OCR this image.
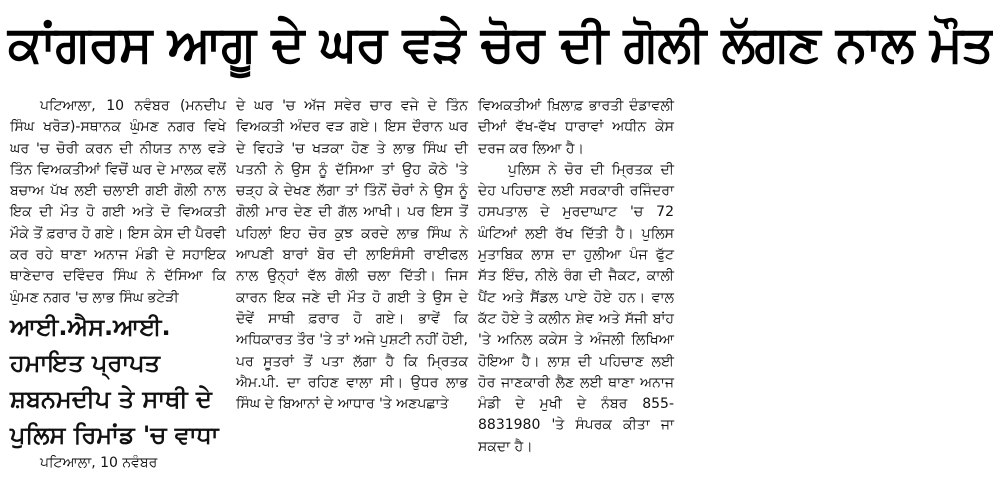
ਕਾਂਗਰਸ ਆਗੂ ਦੇ ਘਰ ਵੜੇ ਚੋਰ ਦੀ ਗੋਲੀ ਲੱਗਣ ਨਾਲ ਮੌਤ

ਪਟਿਆਲਾ, 10 ਨਵੰਬਰ (ਮਨਦੀਪ ਸਿੰਘ ਖਰੋੜ)-ਸਥਾਨਕ ਘੁੰਮਣ ਨਗਰ ਵਿਖੇ ਘਰ 'ਚ ਚੋਰੀ ਕਰਨ ਦੀ ਨੀਯਤ ਨਾਲ ਵੜੇ ਤਿੰਨ ਵਿਅਕਤੀਆਂ ਵਿਚੋਂ ਘਰ ਦੇ ਮਾਲਕ ਵਲੋਂ ਬਚਾਅ ਪੱਖ ਲਈ ਚਲਾਈ ਗਈ ਗੋਲੀ ਨਾਲ ਇਕ ਦੀ ਮੌਤ ਹੋ ਗਈ ਅਤੇ ਦੋ ਵਿਅਕਤੀ ਮੌਕੇ ਤੋਂ ਫ਼ਰਾਰ ਹੋ ਗਏ। ਇਸ ਕੇਸ ਦੀ ਪੈਰਵੀ ਕਰ ਰਹੇ ਥਾਣਾ ਅਨਾਜ ਮੰਡੀ ਦੇ ਸਹਾਇਕ ਥਾਣੇਦਾਰ ਦਵਿੰਦਰ ਸਿੰਘ ਨੇ ਦੱਸਿਆ ਕਿ ਘੁੰਮਣ ਨਗਰ 'ਚ ਲਾਭ ਸਿੰਘ ਭਟੇੜੀ

ਆਈ.ਐਸ.ਆਈ. ਹਮਾਇਤ ਪ੍ਰਾਪਤ ਸ਼ਬਨਮਦੀਪ ਤੇ ਸਾਥੀ ਦੇ ਪੁਲਿਸ ਰਿਮਾਂਡ 'ਚ ਵਾਧਾ

ਪਟਿਆਲਾ, 10 ਨਵੰਬਰ

ਦੇ ਘਰ 'ਚ ਅੱਜ ਸਵੇਰ ਚਾਰ ਵਜੇ ਦੇ ਤਿੰਨ ਵਿਅਕਤੀ ਅੰਦਰ ਵੜ ਗਏ। ਇਸ ਦੌਰਾਨ ਘਰ ਦੇ ਵਿਹੜੇ 'ਚ ਖੜਕਾ ਹੋਣ ਤੇ ਲਾਭ ਸਿੰਘ ਦੀ ਪਤਨੀ ਨੇ ਉਸ ਨੂੰ ਦੱਸਿਆ ਤਾਂ ਉਹ ਕੋਠੇ 'ਤੇ ਚੜ੍ਹ ਕੇ ਦੇਖਣ ਲੱਗਾ ਤਾਂ ਤਿੰਨੋਂ ਚੋਰਾਂ ਨੇ ਉਸ ਨੂੰ ਗੋਲੀ ਮਾਰ ਦੇਣ ਦੀ ਗੱਲ ਆਖੀ। ਪਰ ਇਸ ਤੋਂ ਪਹਿਲਾਂ ਇਹ ਚੋਰ ਕੁਝ ਕਰਦੇ ਲਾਭ ਸਿੰਘ ਨੇ ਆਪਣੀ ਬਾਰਾਂ ਬੋਰ ਦੀ ਲਾਇਸੰਸੀ ਰਾਈਫਲ ਨਾਲ ਉਨ੍ਹਾਂ ਵੱਲ ਗੋਲੀ ਚਲਾ ਦਿੱਤੀ। ਜਿਸ ਕਾਰਨ ਇਕ ਜਣੇ ਦੀ ਮੌਤ ਹੋ ਗਈ ਤੇ ਉਸ ਦੇ ਦੋਵੇਂ ਸਾਥੀ ਫ਼ਰਾਰ ਹੋ ਗਏ। ਭਾਵੇਂ ਕਿ ਅਧਿਕਾਰਤ ਤੌਰ 'ਤੇ ਤਾਂ ਅਜੇ ਪੁਸ਼ਟੀ ਨਹੀਂ ਹੋਈ, ਪਰ ਸੂਤਰਾਂ ਤੋਂ ਪਤਾ ਲੱਗਾ ਹੈ ਕਿ ਮ੍ਰਿਤਕ ਐਮ.ਪੀ. ਦਾ ਰਹਿਣ ਵਾਲਾ ਸੀ। ਉਧਰ ਲਾਭ ਸਿੰਘ ਦੇ ਬਿਆਨਾਂ ਦੇ ਆਧਾਰ 'ਤੇ ਅਣਪਛਾਤੇ

ਵਿਅਕਤੀਆਂ ਖ਼ਿਲਾਫ਼ ਭਾਰਤੀ ਦੰਡਾਵਲੀ ਦੀਆਂ ਵੱਖ-ਵੱਖ ਧਾਰਾਵਾਂ ਅਧੀਨ ਕੇਸ ਦਰਜ ਕਰ ਲਿਆ ਹੈ।

ਪੁਲਿਸ ਨੇ ਚੋਰ ਦੀ ਮ੍ਰਿਤਕ ਦੀ ਦੇਹ ਪਹਿਚਾਣ ਲਈ ਸਰਕਾਰੀ ਰਜਿੰਦਰਾ ਹਸਪਤਾਲ ਦੇ ਮੁਰਦਾਘਾਟ 'ਚ 72 ਘੰਟਿਆਂ ਲਈ ਰੱਖ ਦਿੱਤੀ ਹੈ। ਪੁਲਿਸ ਮੁਤਾਬਿਕ ਲਾਸ਼ ਦਾ ਹੁਲੀਆ ਪੰਜ ਫੁੱਟ ਸੱਤ ਇੰਚ, ਨੀਲੇ ਰੰਗ ਦੀ ਜੈਕਟ, ਕਾਲੀ ਪੈਂਟ ਅਤੇ ਸੈਂਡਲ ਪਾਏ ਹੋਏ ਹਨ। ਵਾਲ ਕੱਟ ਹੋਏ ਤੇ ਕਲੀਨ ਸ਼ੇਵ ਅਤੇ ਸੱਜੀ ਬਾਂਹ 'ਤੇ ਅਨਿਲ ਕਕੇਸ ਤੇ ਅੰਜਲੀ ਲਿਖਿਆ ਹੋਇਆ ਹੈ। ਲਾਸ਼ ਦੀ ਪਹਿਚਾਣ ਲਈ ਹੋਰ ਜਾਣਕਾਰੀ ਲੈਣ ਲਈ ਥਾਣਾ ਅਨਾਜ ਮੰਡੀ ਦੇ ਮੁਖੀ ਦੇ ਨੰਬਰ 855-8831980 'ਤੇ ਸੰਪਰਕ ਕੀਤਾ ਜਾ ਸਕਦਾ ਹੈ।
